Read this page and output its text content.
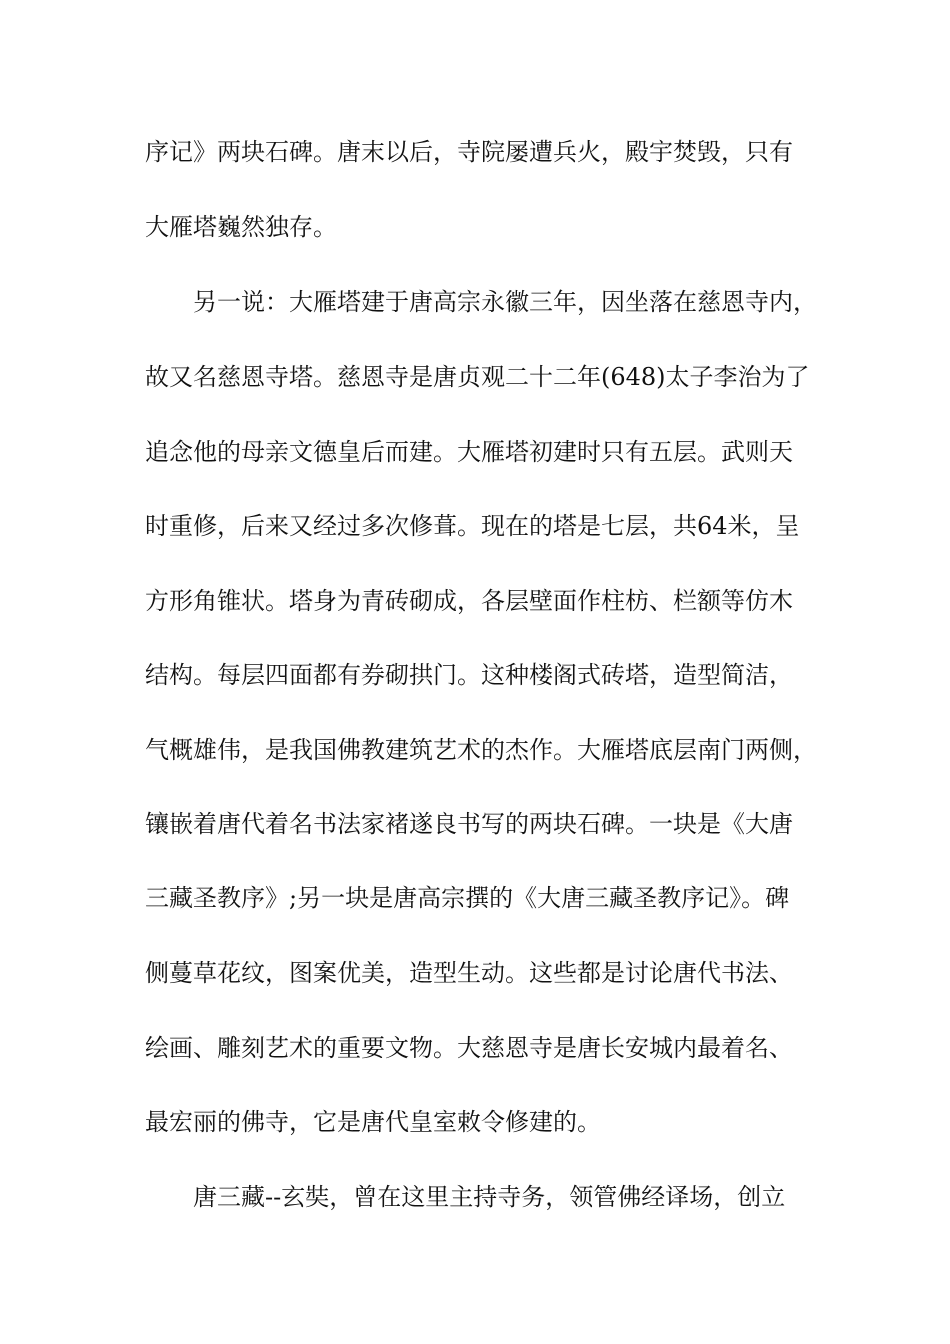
序记》两块石碑。唐末以后，寺院屡遭兵火，殿宇焚毁，只有
大雁塔巍然独存。
另一说：大雁塔建于唐高宗永徽三年，因坐落在慈恩寺内，
故又名慈恩寺塔。慈恩寺是唐贞观二十二年(648)太子李治为了
追念他的母亲文德皇后而建。大雁塔初建时只有五层。武则天
时重修，后来又经过多次修葺。现在的塔是七层，共64米，呈
方形角锥状。塔身为青砖砌成，各层壁面作柱枋、栏额等仿木
结构。每层四面都有券砌拱门。这种楼阁式砖塔，造型简洁，
气概雄伟，是我国佛教建筑艺术的杰作。大雁塔底层南门两侧，
镶嵌着唐代着名书法家褚遂良书写的两块石碑。一块是《大唐
三藏圣教序》;另一块是唐高宗撰的《大唐三藏圣教序记》。碑
侧蔓草花纹，图案优美，造型生动。这些都是讨论唐代书法、
绘画、雕刻艺术的重要文物。大慈恩寺是唐长安城内最着名、
最宏丽的佛寺，它是唐代皇室敕令修建的。
唐三藏--玄奘，曾在这里主持寺务，领管佛经译场，创立
